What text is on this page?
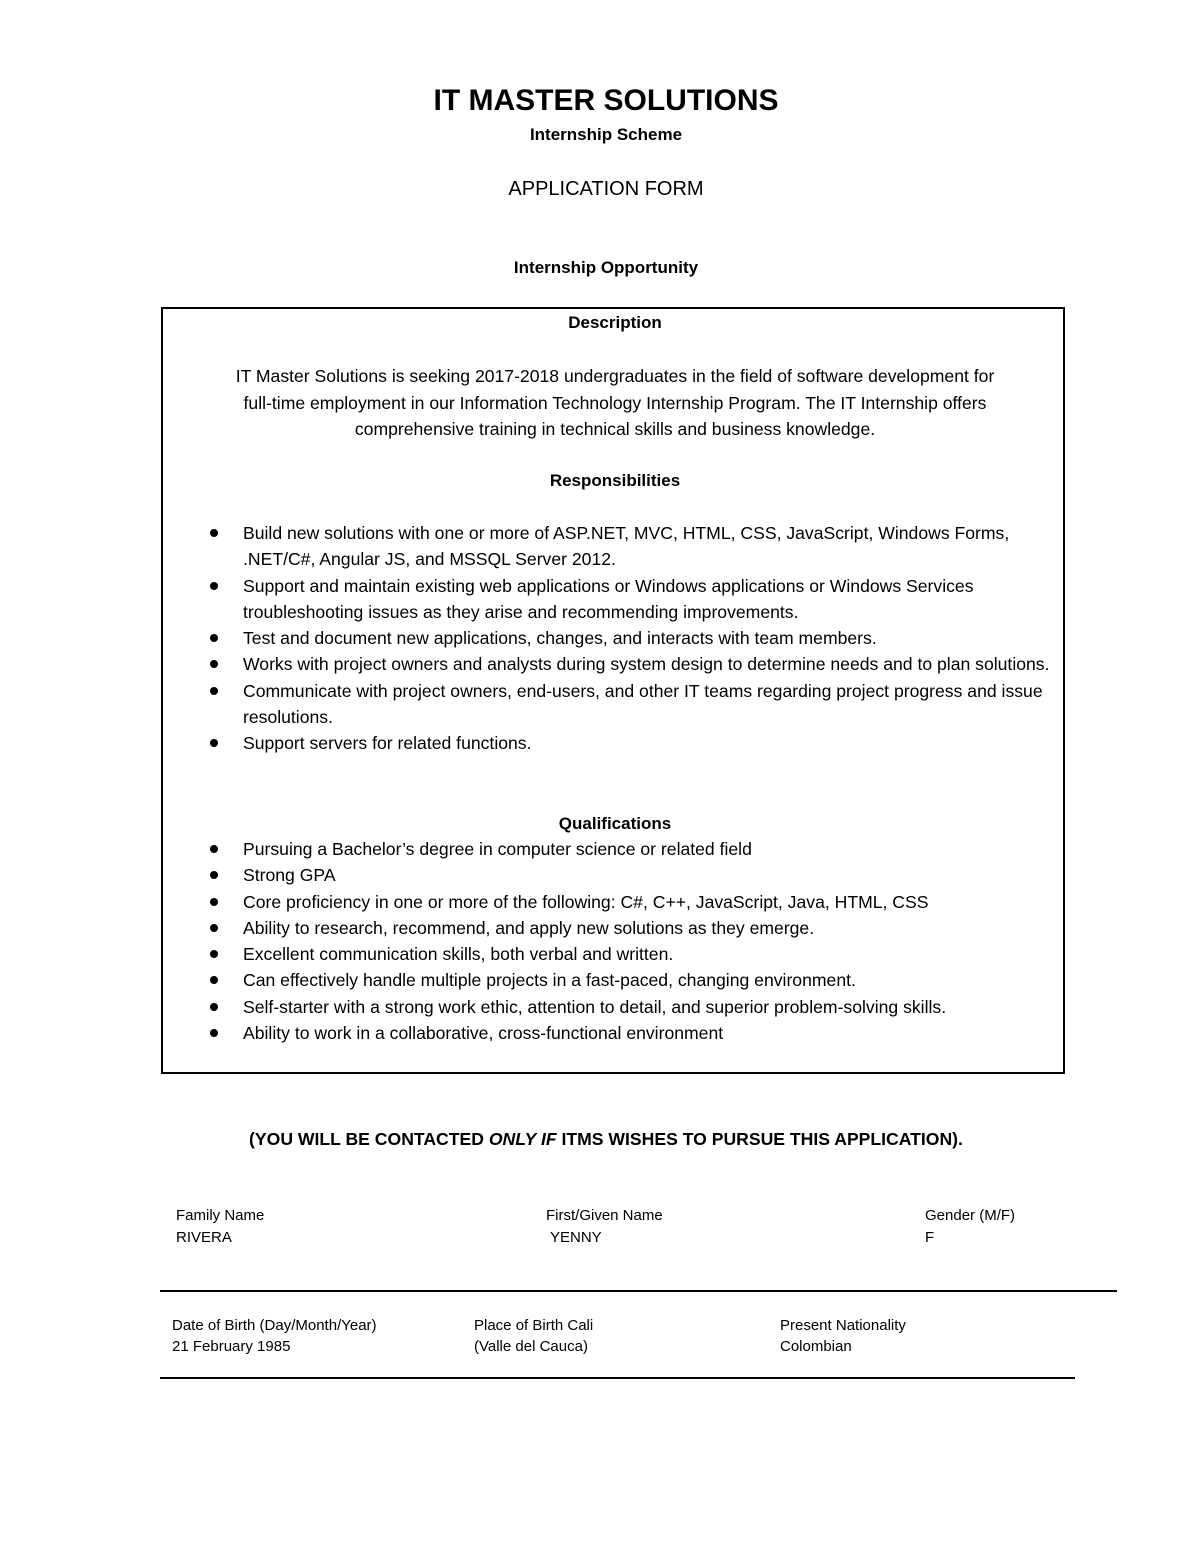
IT MASTER SOLUTIONS
Internship Scheme
APPLICATION FORM
Internship Opportunity
Description
IT Master Solutions is seeking 2017-2018 undergraduates in the field of software development for
full-time employment in our Information Technology Internship Program. The IT Internship offers
comprehensive training in technical skills and business knowledge.
Responsibilities
Build new solutions with one or more of ASP.NET, MVC, HTML, CSS, JavaScript, Windows Forms, .NET/C#, Angular JS, and MSSQL Server 2012.
Support and maintain existing web applications or Windows applications or Windows Services troubleshooting issues as they arise and recommending improvements.
Test and document new applications, changes, and interacts with team members.
Works with project owners and analysts during system design to determine needs and to plan solutions.
Communicate with project owners, end-users, and other IT teams regarding project progress and issue resolutions.
Support servers for related functions.
Qualifications
Pursuing a Bachelor’s degree in computer science or related field
Strong GPA
Core proficiency in one or more of the following: C#, C++, JavaScript, Java, HTML, CSS
Ability to research, recommend, and apply new solutions as they emerge.
Excellent communication skills, both verbal and written.
Can effectively handle multiple projects in a fast-paced, changing environment.
Self-starter with a strong work ethic, attention to detail, and superior problem-solving skills.
Ability to work in a collaborative, cross-functional environment
(YOU WILL BE CONTACTED ONLY IF ITMS WISHES TO PURSUE THIS APPLICATION).
Family Name
RIVERA
First/Given Name
YENNY
Gender (M/F)
F
Date of Birth (Day/Month/Year)
21 February 1985
Place of Birth Cali
(Valle del Cauca)
Present Nationality
Colombian
